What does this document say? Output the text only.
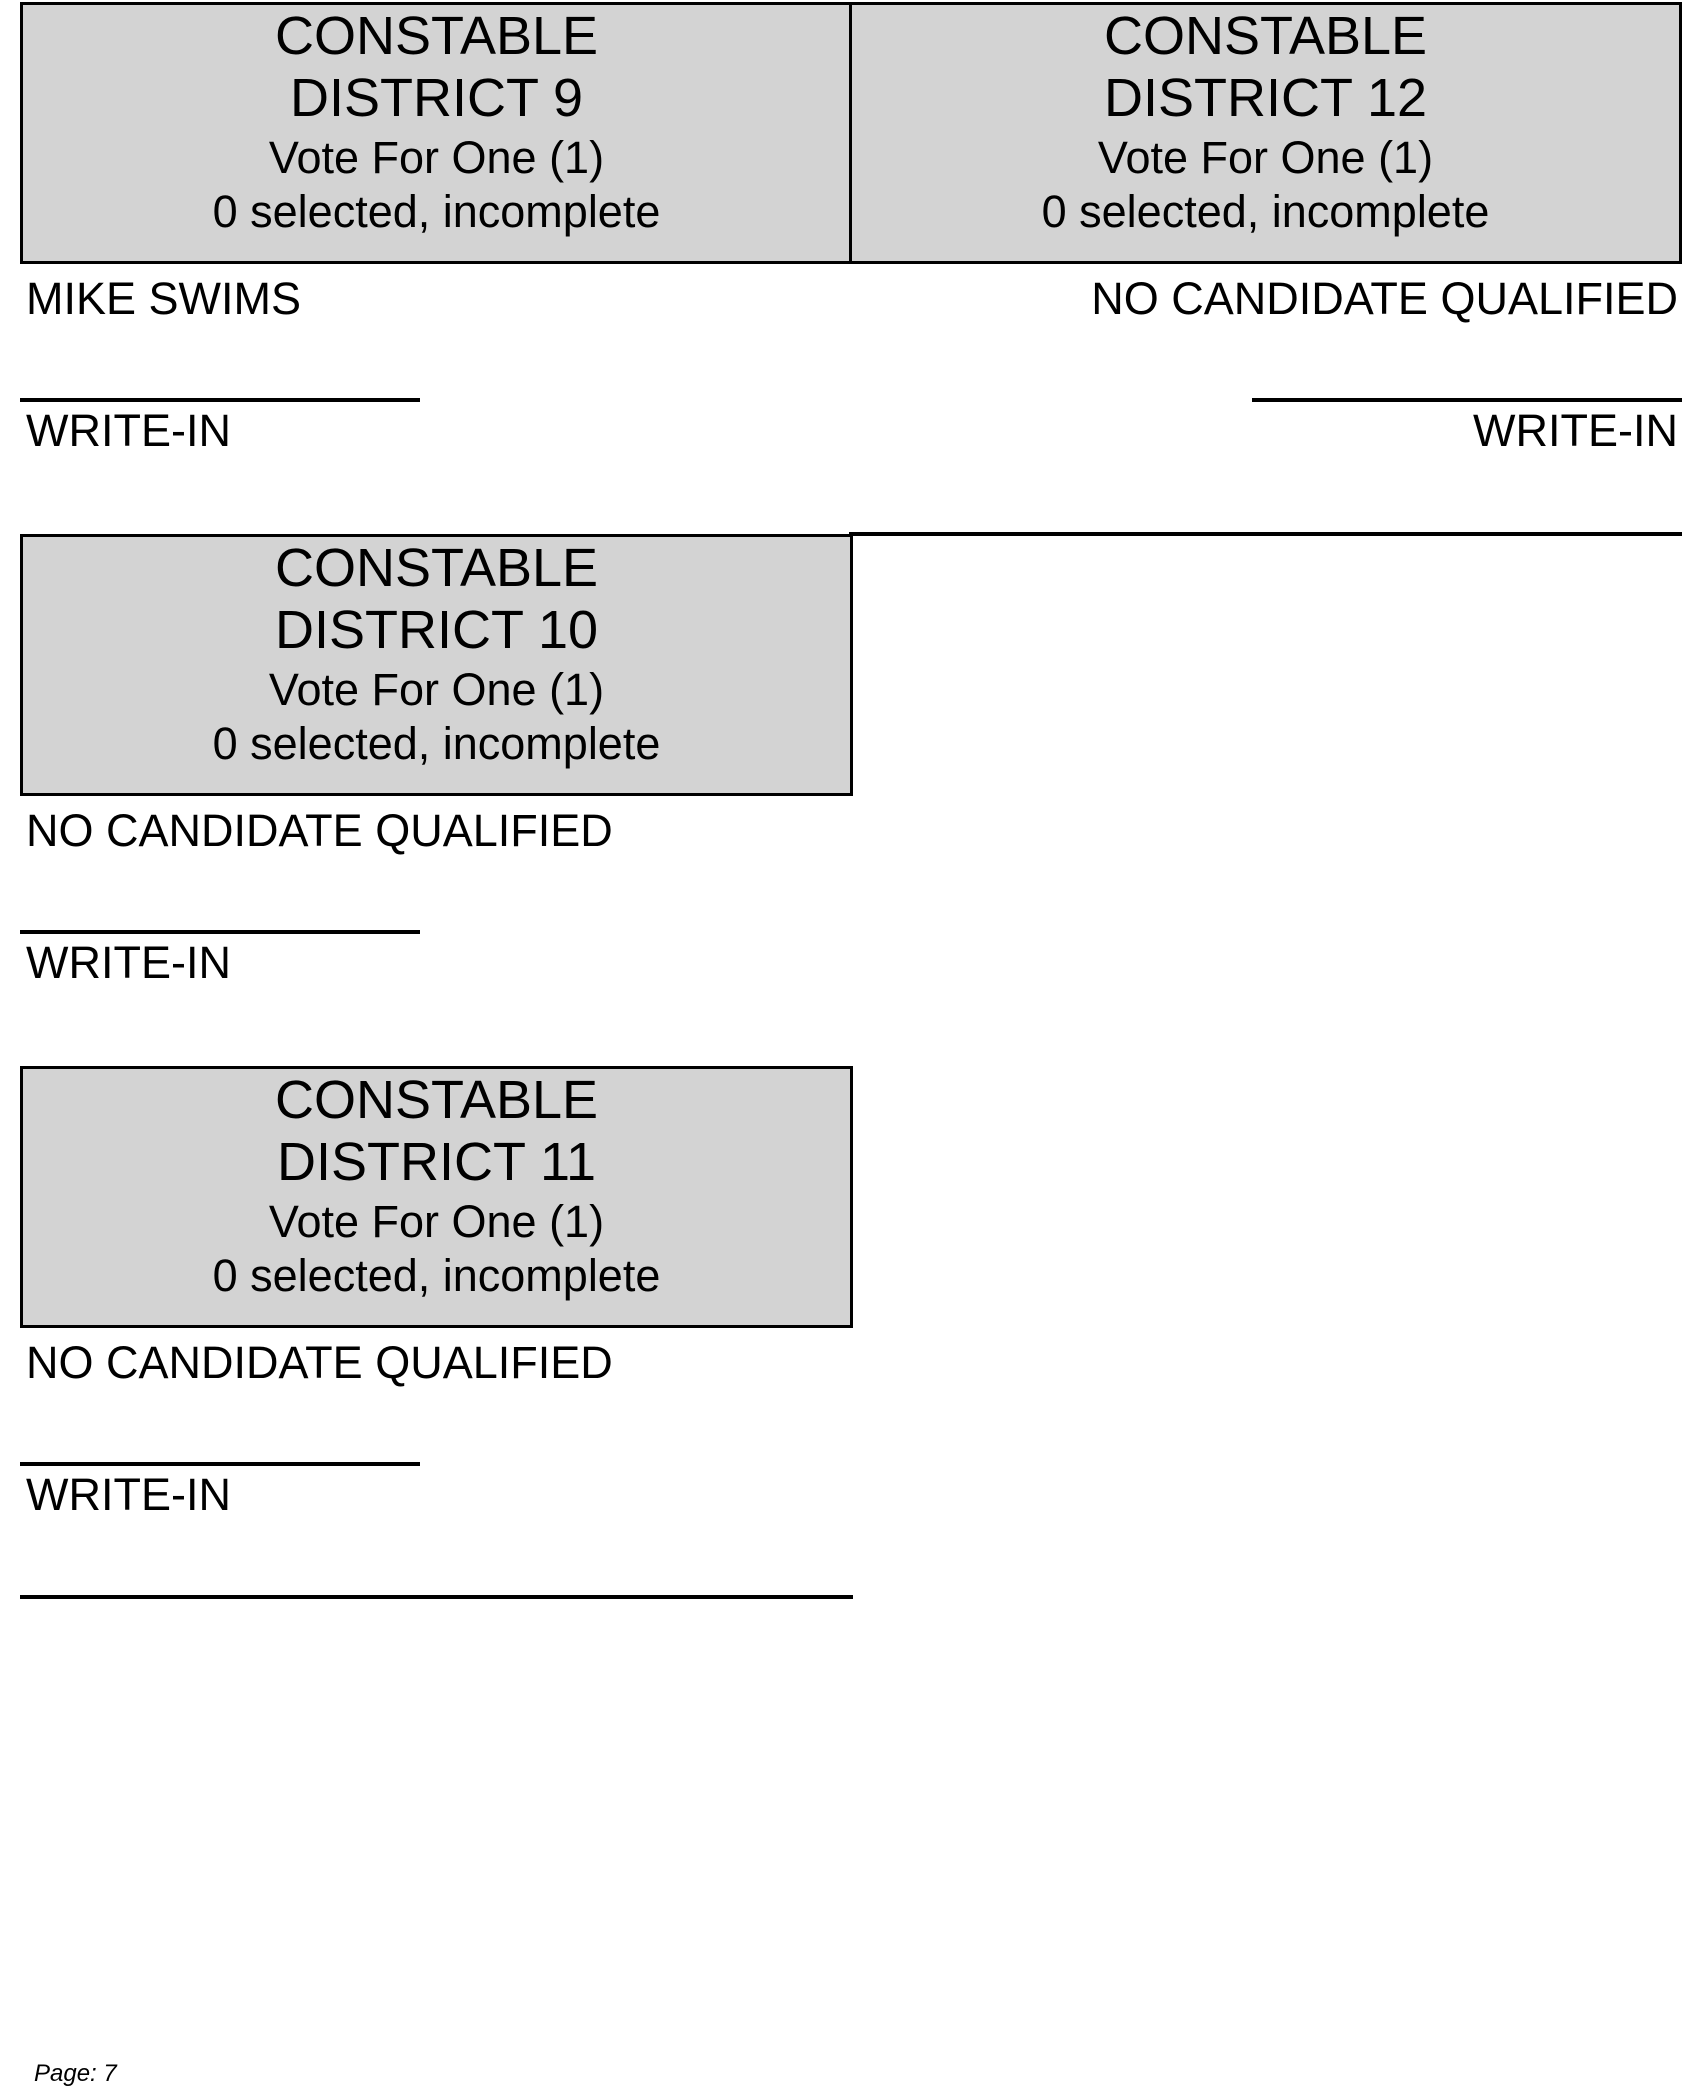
CONSTABLE
DISTRICT 9
Vote For One (1)
0 selected, incomplete
MIKE SWIMS
WRITE-IN
CONSTABLE
DISTRICT 12
Vote For One (1)
0 selected, incomplete
NO CANDIDATE QUALIFIED
WRITE-IN
CONSTABLE
DISTRICT 10
Vote For One (1)
0 selected, incomplete
NO CANDIDATE QUALIFIED
WRITE-IN
CONSTABLE
DISTRICT 11
Vote For One (1)
0 selected, incomplete
NO CANDIDATE QUALIFIED
WRITE-IN
Page: 7
